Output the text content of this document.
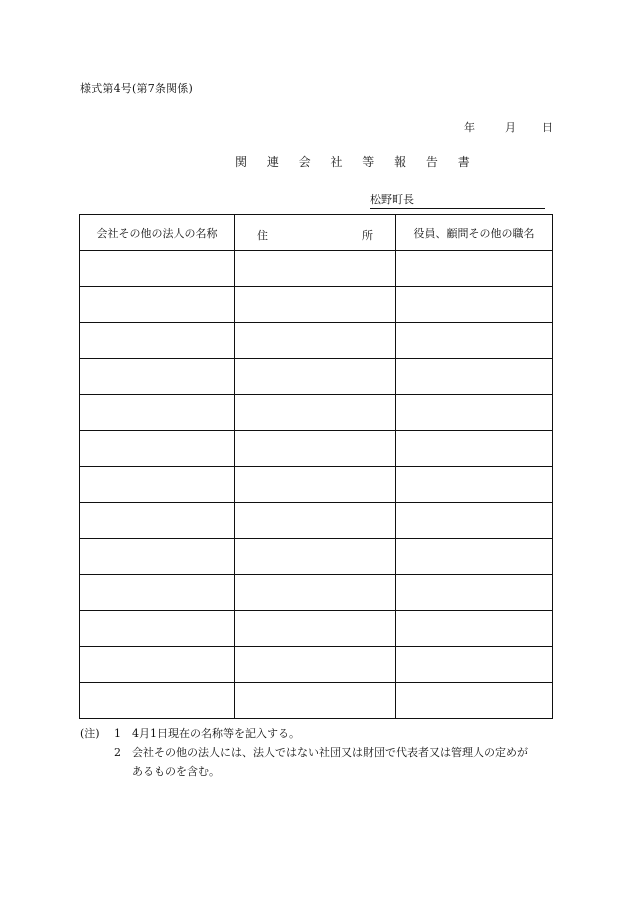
様式第4号(第7条関係)
年	月 日
関 連 会 社 等 報 告 書
松野町長
会社その他の法人の名称	住 所	役員、顧問その他の職名

(注)	1	4月1日現在の名称等を記入する。
2	会社その他の法人には、法人ではない社団又は財団で代表者又は管理人の定めが
あるものを含む。
